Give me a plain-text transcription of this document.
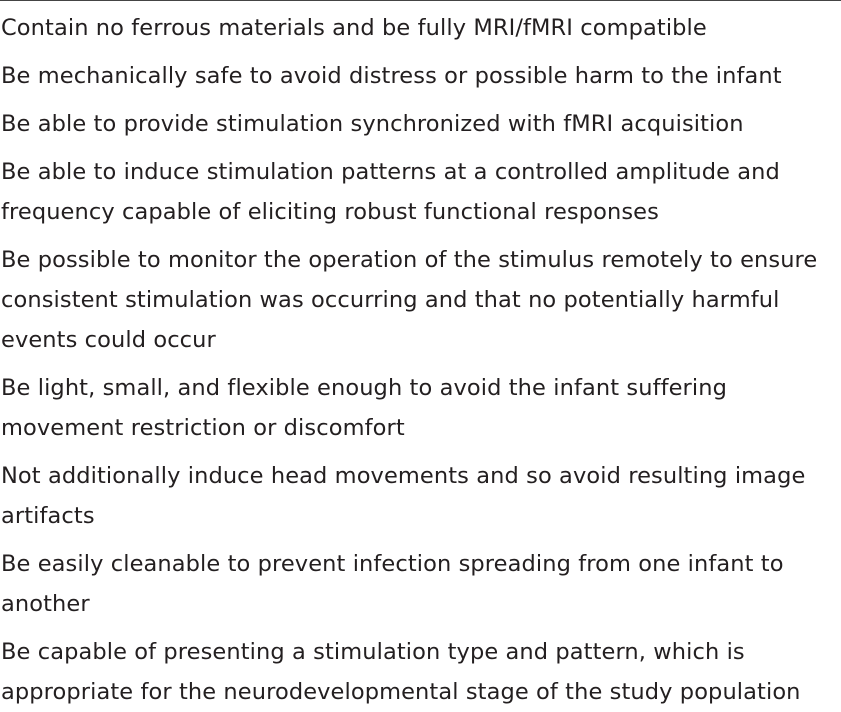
Contain no ferrous materials and be fully MRI/fMRI compatible
Be mechanically safe to avoid distress or possible harm to the infant
Be able to provide stimulation synchronized with fMRI acquisition
Be able to induce stimulation patterns at a controlled amplitude and
frequency capable of eliciting robust functional responses
Be possible to monitor the operation of the stimulus remotely to ensure
consistent stimulation was occurring and that no potentially harmful
events could occur
Be light, small, and flexible enough to avoid the infant suffering
movement restriction or discomfort
Not additionally induce head movements and so avoid resulting image
artifacts
Be easily cleanable to prevent infection spreading from one infant to
another
Be capable of presenting a stimulation type and pattern, which is
appropriate for the neurodevelopmental stage of the study population
